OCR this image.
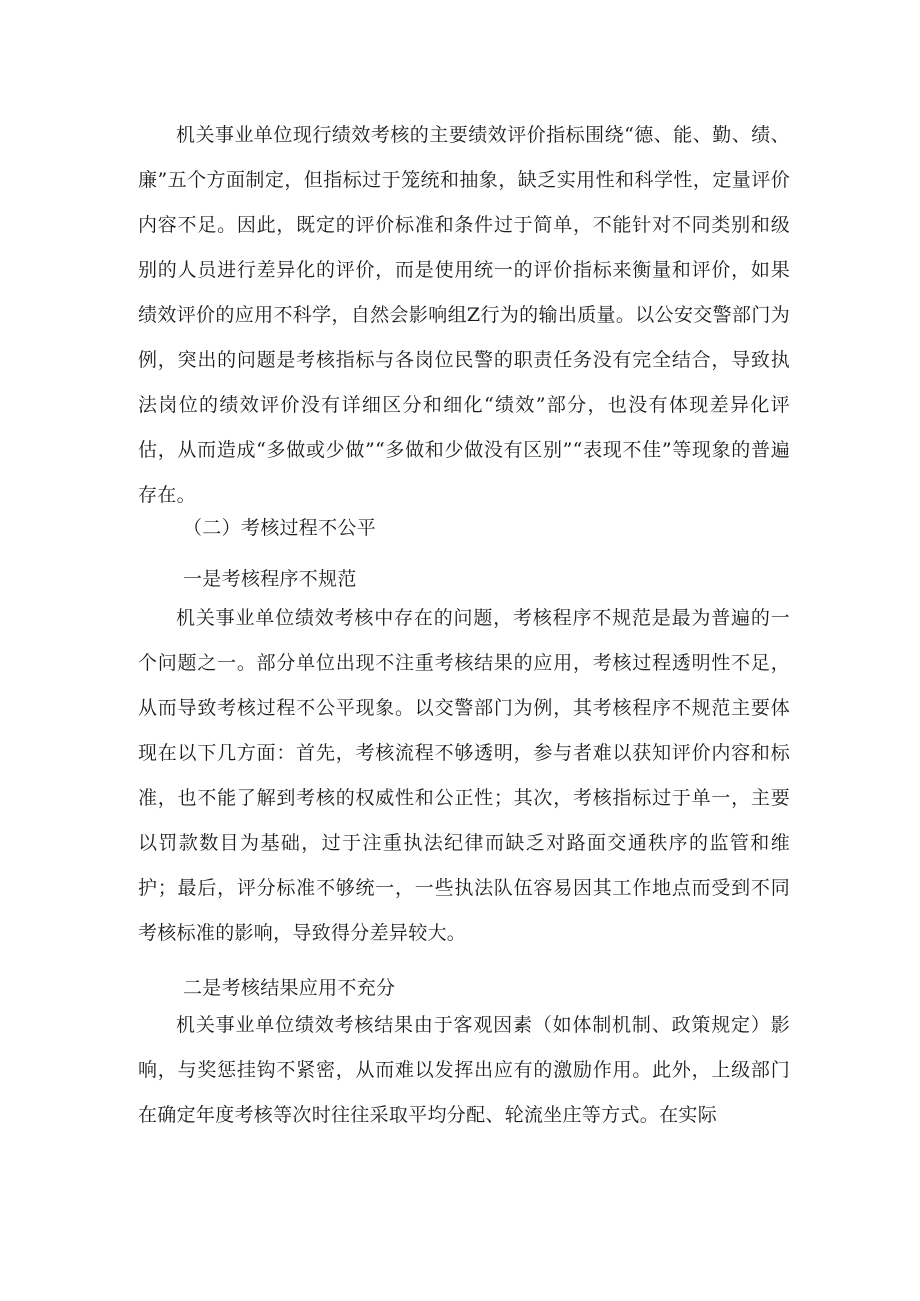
机关事业单位现行绩效考核的主要绩效评价指标围绕“德、能、勤、绩、廉”五个方面制定，但指标过于笼统和抽象，缺乏实用性和科学性，定量评价内容不足。因此，既定的评价标准和条件过于简单，不能针对不同类别和级别的人员进行差异化的评价，而是使用统一的评价指标来衡量和评价，如果绩效评价的应用不科学，自然会影响组Z行为的输出质量。以公安交警部门为例，突出的问题是考核指标与各岗位民警的职责任务没有完全结合，导致执法岗位的绩效评价没有详细区分和细化“绩效”部分，也没有体现差异化评估，从而造成“多做或少做”“多做和少做没有区别”“表现不佳”等现象的普遍存在。

（二）考核过程不公平

一是考核程序不规范

机关事业单位绩效考核中存在的问题，考核程序不规范是最为普遍的一个问题之一。部分单位出现不注重考核结果的应用，考核过程透明性不足，从而导致考核过程不公平现象。以交警部门为例，其考核程序不规范主要体现在以下几方面：首先，考核流程不够透明，参与者难以获知评价内容和标准，也不能了解到考核的权威性和公正性；其次，考核指标过于单一，主要以罚款数目为基础，过于注重执法纪律而缺乏对路面交通秩序的监管和维护；最后，评分标准不够统一，一些执法队伍容易因其工作地点而受到不同考核标准的影响，导致得分差异较大。

二是考核结果应用不充分

机关事业单位绩效考核结果由于客观因素（如体制机制、政策规定）影响，与奖惩挂钩不紧密，从而难以发挥出应有的激励作用。此外，上级部门在确定年度考核等次时往往采取平均分配、轮流坐庄等方式。在实际
